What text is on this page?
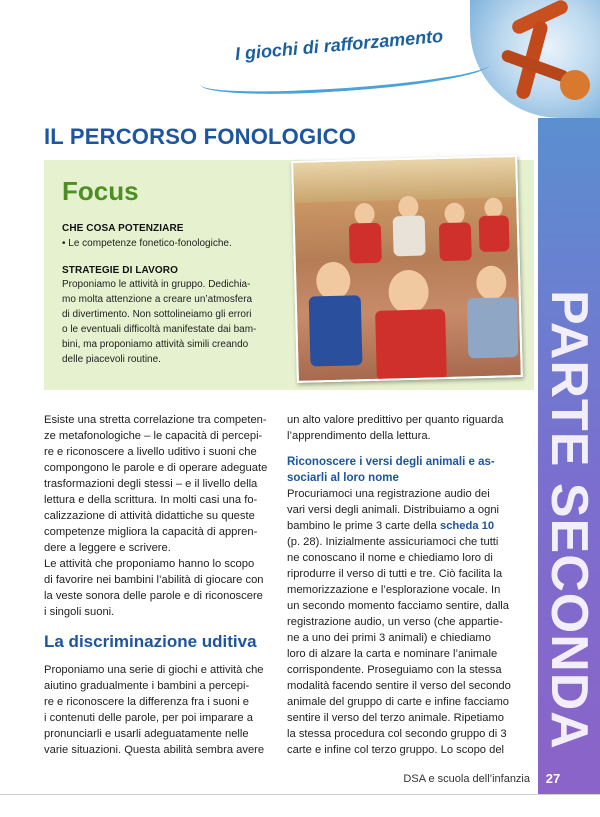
I giochi di rafforzamento
PARTE SECONDA
IL PERCORSO FONOLOGICO
Focus
CHE COSA POTENZIARE
• Le competenze fonetico-fonologiche.
STRATEGIE DI LAVORO
Proponiamo le attività in gruppo. Dedichia-
mo molta attenzione a creare un’atmosfera
di divertimento. Non sottolineiamo gli errori
o le eventuali difficoltà manifestate dai bam-
bini, ma proponiamo attività simili creando
delle piacevoli routine.
Esiste una stretta correlazione tra competen-
ze metafonologiche – le capacità di percepi-
re e riconoscere a livello uditivo i suoni che
compongono le parole e di operare adeguate
trasformazioni degli stessi – e il livello della
lettura e della scrittura. In molti casi una fo-
calizzazione di attività didattiche su queste
competenze migliora la capacità di appren-
dere a leggere e scrivere.
Le attività che proponiamo hanno lo scopo
di favorire nei bambini l’abilità di giocare con
la veste sonora delle parole e di riconoscere
i singoli suoni.
La discriminazione uditiva
Proponiamo una serie di giochi e attività che
aiutino gradualmente i bambini a percepi-
re e riconoscere la differenza fra i suoni e
i contenuti delle parole, per poi imparare a
pronunciarli e usarli adeguatamente nelle
varie situazioni. Questa abilità sembra avere
un alto valore predittivo per quanto riguarda
l’apprendimento della lettura.
Riconoscere i versi degli animali e as-
sociarli al loro nome
Procuriamoci una registrazione audio dei
vari versi degli animali. Distribuiamo a ogni
bambino le prime 3 carte della scheda 10
(p. 28). Inizialmente assicuriamoci che tutti
ne conoscano il nome e chiediamo loro di
riprodurre il verso di tutti e tre. Ciò facilita la
memorizzazione e l’esplorazione vocale. In
un secondo momento facciamo sentire, dalla
registrazione audio, un verso (che appartie-
ne a uno dei primi 3 animali) e chiediamo
loro di alzare la carta e nominare l’animale
corrispondente. Proseguiamo con la stessa
modalità facendo sentire il verso del secondo
animale del gruppo di carte e infine facciamo
sentire il verso del terzo animale. Ripetiamo
la stessa procedura col secondo gruppo di 3
carte e infine col terzo gruppo. Lo scopo del
DSA e scuola dell’infanzia	27
